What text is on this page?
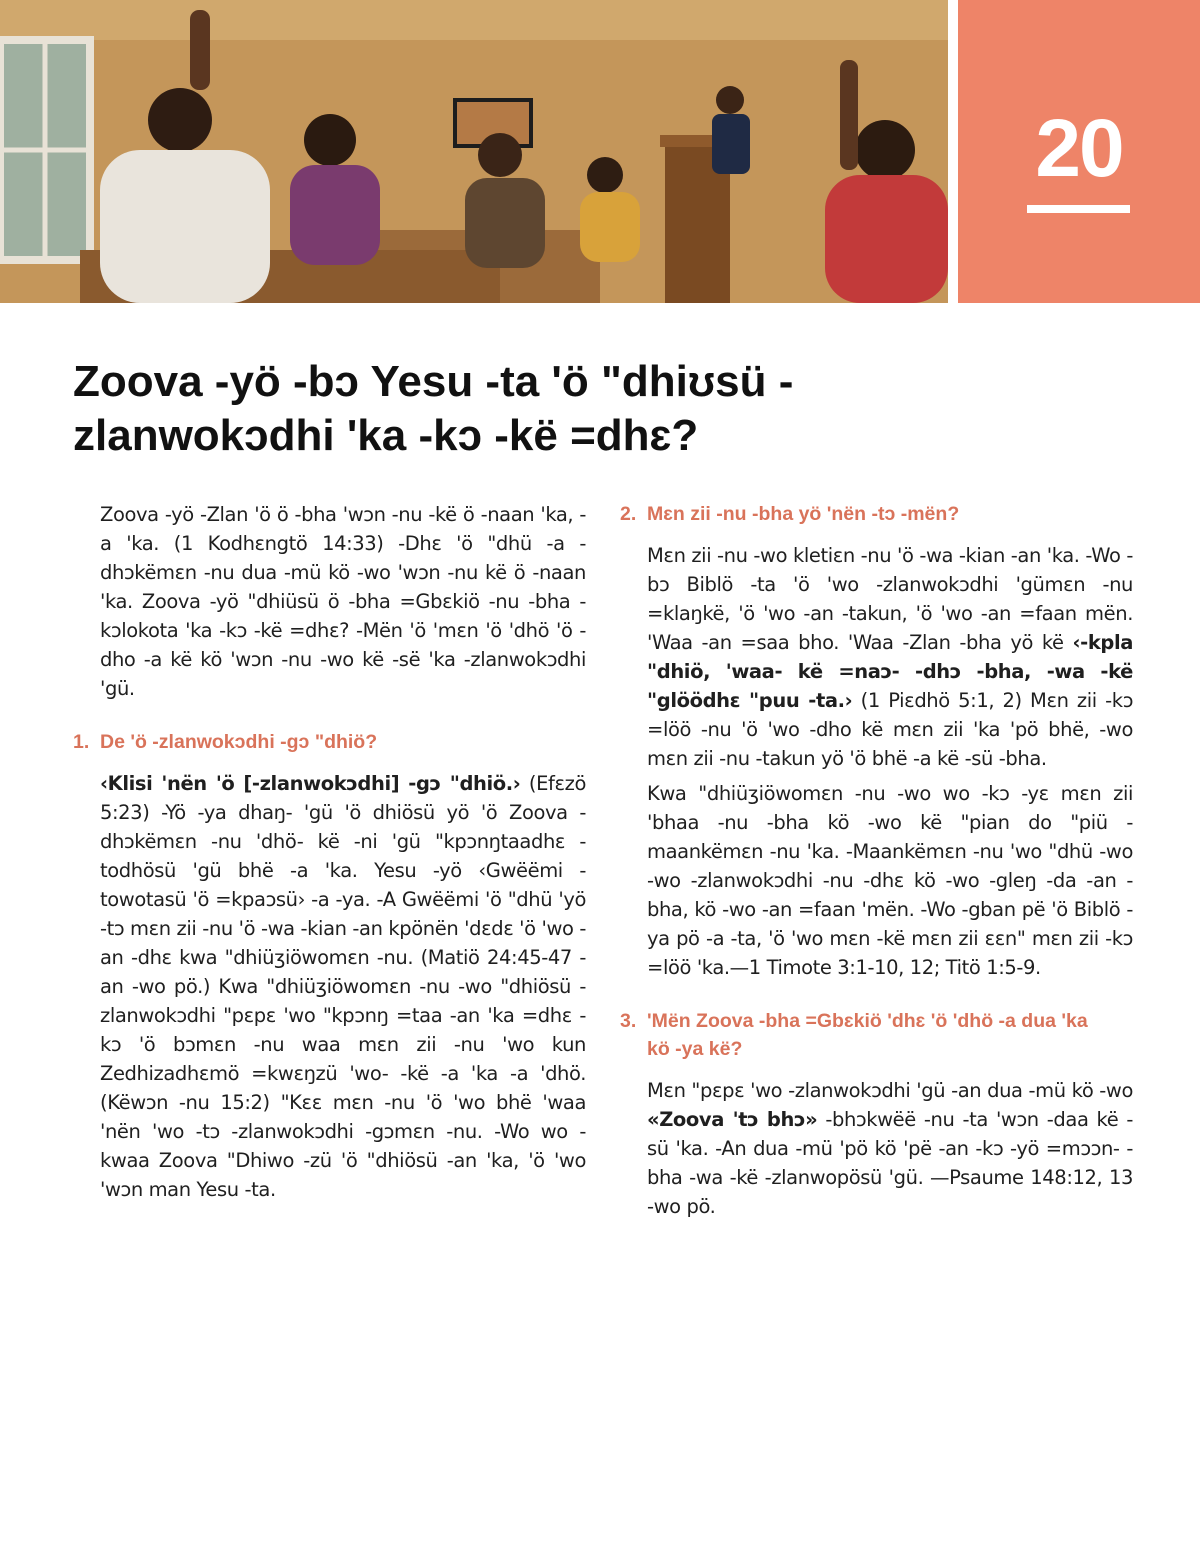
20
Zoova -yö -bɔ Yesu -ta 'ö "dhiʊsü -zlanwokɔdhi 'ka -kɔ -kë =dhɛ?

Zoova -yö -Zlan 'ö ö -bha 'wɔn -nu -kë ö -naan 'ka, -a 'ka. (1 Kodhɛngtö 14:33) -Dhɛ 'ö "dhü -a -dhɔkëmɛn -nu dua -mü kö -wo 'wɔn -nu kë ö -naan 'ka. Zoova -yö "dhiüsü ö -bha =Gbɛkiö -nu -bha -kɔlokota 'ka -kɔ -kë =dhɛ? -Mën 'ö 'mɛn 'ö 'dhö 'ö -dho -a kë kö 'wɔn -nu -wo kë -së 'ka -zlanwokɔdhi 'gü.

1. De 'ö -zlanwokɔdhi -gɔ "dhiö?

‹Klisi 'nën 'ö [-zlanwokɔdhi] -gɔ "dhiö.› (Efɛzö 5:23) -Yö -ya dhaŋ- 'gü 'ö dhiösü yö 'ö Zoova -dhɔkëmɛn -nu 'dhö- kë -ni 'gü "kpɔnŋtaadhɛ -todhösü 'gü bhë -a 'ka. Yesu -yö ‹Gwëëmi -towotasü 'ö =kpaɔsü› -a -ya. -A Gwëëmi 'ö "dhü 'yö -tɔ mɛn zii -nu 'ö -wa -kian -an kpönën 'dɛdɛ 'ö 'wo -an -dhɛ kwa "dhiüʒiöwomɛn -nu. (Matiö 24:45-47 -an -wo pö.) Kwa "dhiüʒiöwomɛn -nu -wo "dhiösü -zlanwokɔdhi "pɛpɛ 'wo "kpɔnŋ =taa -an 'ka =dhɛ -kɔ 'ö bɔmɛn -nu waa mɛn zii -nu 'wo kun Zedhizadhɛmö =kwɛŋzü 'wo- -kë -a 'ka -a 'dhö. (Këwɔn -nu 15:2) "Kɛɛ mɛn -nu 'ö 'wo bhë 'waa 'nën 'wo -tɔ -zlanwokɔdhi -gɔmɛn -nu. -Wo wo -kwaa Zoova "Dhiwo -zü 'ö "dhiösü -an 'ka, 'ö 'wo 'wɔn man Yesu -ta.

2. Mɛn zii -nu -bha yö 'nën -tɔ -mën?

Mɛn zii -nu -wo kletiɛn -nu 'ö -wa -kian -an 'ka. -Wo -bɔ Biblö -ta 'ö 'wo -zlanwokɔdhi 'gümɛn -nu =klaŋkë, 'ö 'wo -an -takun, 'ö 'wo -an =faan mën. 'Waa -an =saa bho. 'Waa -Zlan -bha yö kë ‹-kpla "dhiö, 'waa- kë =naɔ- -dhɔ -bha, -wa -kë "glöödhɛ "puu -ta.› (1 Piɛdhö 5:1, 2) Mɛn zii -kɔ =löö -nu 'ö 'wo -dho kë mɛn zii 'ka 'pö bhë, -wo mɛn zii -nu -takun yö 'ö bhë -a kë -sü -bha.

Kwa "dhiüʒiöwomɛn -nu -wo wo -kɔ -yɛ mɛn zii 'bhaa -nu -bha kö -wo kë "pian do "piü -maankëmɛn -nu 'ka. -Maankëmɛn -nu 'wo "dhü -wo -wo -zlanwokɔdhi -nu -dhɛ kö -wo -gleŋ -da -an -bha, kö -wo -an =faan 'mën. -Wo -gban pë 'ö Biblö -ya pö -a -ta, 'ö 'wo mɛn -kë mɛn zii ɛɛn" mɛn zii -kɔ =löö 'ka.—1 Timote 3:1-10, 12; Titö 1:5-9.

3. 'Mën Zoova -bha =Gbɛkiö 'dhɛ 'ö 'dhö -a dua 'ka kö -ya kë?

Mɛn "pɛpɛ 'wo -zlanwokɔdhi 'gü -an dua -mü kö -wo «Zoova 'tɔ bhɔ» -bhɔkwëë -nu -ta 'wɔn -daa kë -sü 'ka. -An dua -mü 'pö kö 'pë -an -kɔ -yö =mɔɔn- -bha -wa -kë -zlanwopösü 'gü. —Psaume 148:12, 13 -wo pö.
